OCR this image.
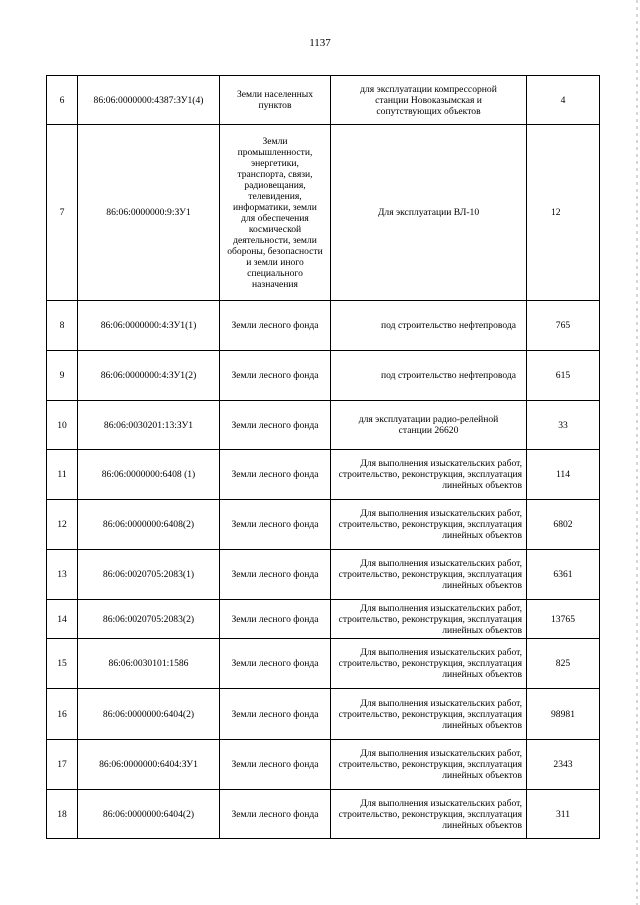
1137
6	86:06:0000000:4387:ЗУ1(4)	Земли населенных пунктов	для эксплуатации компрессорной станции Новоказымская и сопутствующих объектов	4
7	86:06:0000000:9:ЗУ1	Земли промышленности, энергетики, транспорта, связи, радиовещания, телевидения, информатики, земли для обеспечения космической деятельности, земли обороны, безопасности и земли иного специального назначения	Для эксплуатации ВЛ-10	12
8	86:06:0000000:4:ЗУ1(1)	Земли лесного фонда	под строительство нефтепровода	765
9	86:06:0000000:4:ЗУ1(2)	Земли лесного фонда	под строительство нефтепровода	615
10	86:06:0030201:13:ЗУ1	Земли лесного фонда	для эксплуатации радио-релейной станции 26620	33
11	86:06:0000000:6408 (1)	Земли лесного фонда	Для выполнения изыскательских работ, строительство, реконструкция, эксплуатация линейных объектов	114
12	86:06:0000000:6408(2)	Земли лесного фонда	Для выполнения изыскательских работ, строительство, реконструкция, эксплуатация линейных объектов	6802
13	86:06:0020705:2083(1)	Земли лесного фонда	Для выполнения изыскательских работ, строительство, реконструкция, эксплуатация линейных объектов	6361
14	86:06:0020705:2083(2)	Земли лесного фонда	Для выполнения изыскательских работ, строительство, реконструкция, эксплуатация линейных объектов	13765
15	86:06:0030101:1586	Земли лесного фонда	Для выполнения изыскательских работ, строительство, реконструкция, эксплуатация линейных объектов	825
16	86:06:0000000:6404(2)	Земли лесного фонда	Для выполнения изыскательских работ, строительство, реконструкция, эксплуатация линейных объектов	98981
17	86:06:0000000:6404:ЗУ1	Земли лесного фонда	Для выполнения изыскательских работ, строительство, реконструкция, эксплуатация линейных объектов	2343
18	86:06:0000000:6404(2)	Земли лесного фонда	Для выполнения изыскательских работ, строительство, реконструкция, эксплуатация линейных объектов	311
